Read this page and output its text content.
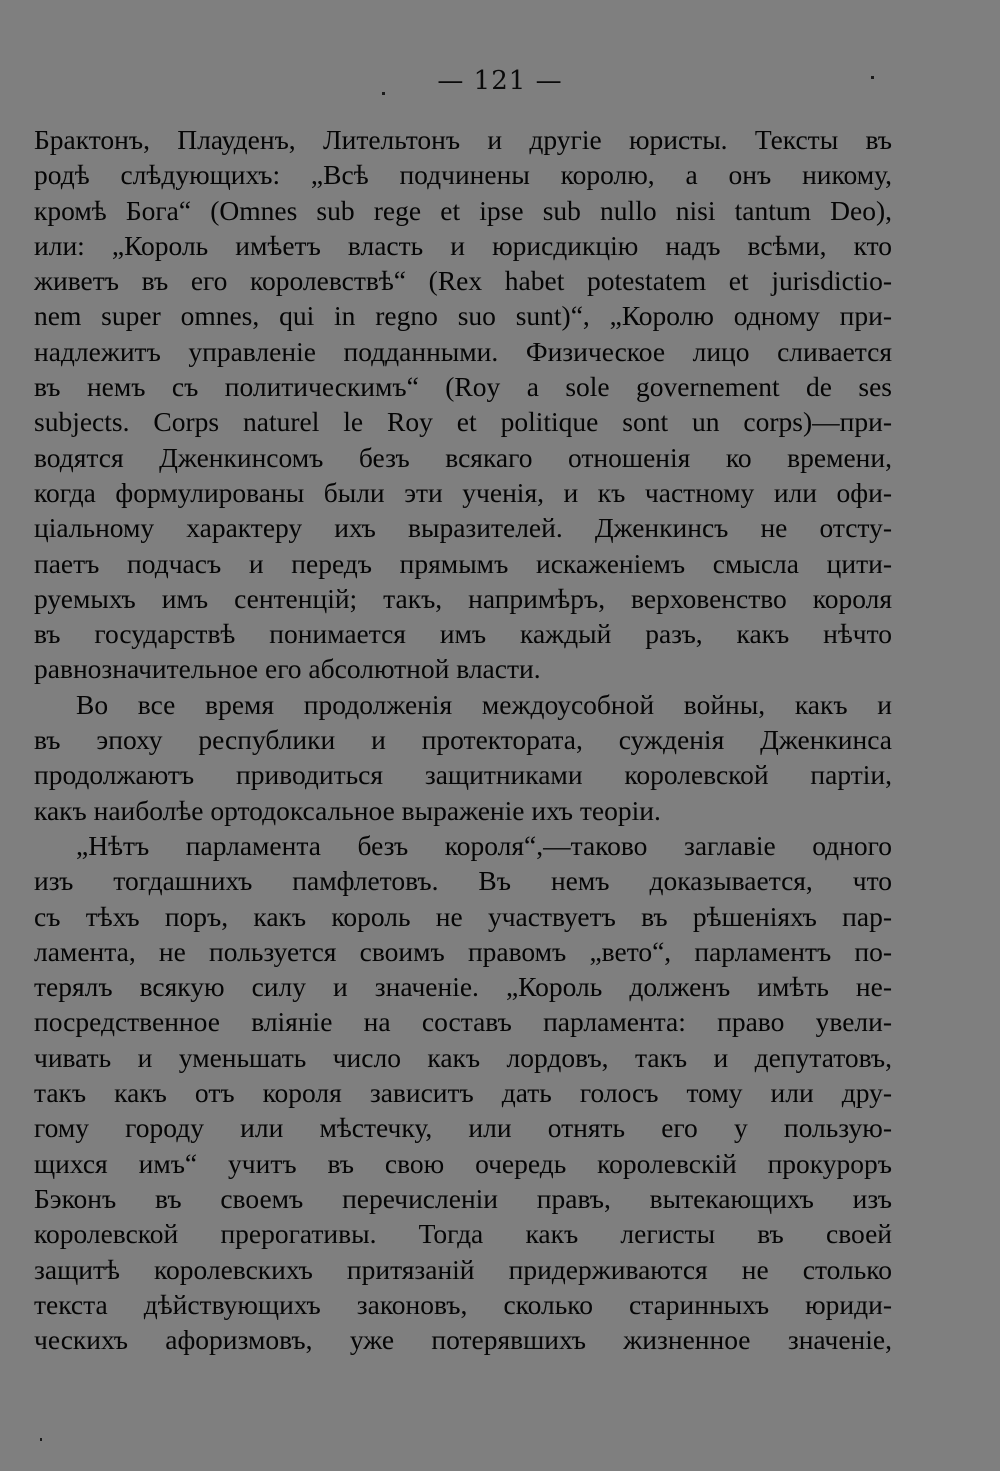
— 121 —
Брактонъ, Плауденъ, Лительтонъ и другіе юристы. Тексты въ
родѣ слѣдующихъ: „Всѣ подчинены королю, а онъ никому,
кромѣ Бога“ (Omnes sub rege et ipse sub nullo nisi tantum Deo),
или: „Король имѣетъ власть и юрисдикцію надъ всѣми, кто
живетъ въ его королевствѣ“ (Rex habet potestatem et jurisdictio-
nem super omnes, qui in regno suo sunt)“, „Королю одному при-
надлежитъ управленіе подданными. Физическое лицо сливается
въ немъ съ политическимъ“ (Roy a sole governement de ses
subjects. Corps naturel le Roy et politique sont un corps)—при-
водятся Дженкинсомъ безъ всякаго отношенія ко времени,
когда формулированы были эти ученія, и къ частному или офи-
ціальному характеру ихъ выразителей. Дженкинсъ не отсту-
паетъ подчасъ и передъ прямымъ искаженіемъ смысла цити-
руемыхъ имъ сентенцій; такъ, напримѣръ, верховенство короля
въ государствѣ понимается имъ каждый разъ, какъ нѣчто
равнозначительное его абсолютной власти.
Во все время продолженія междоусобной войны, какъ и
въ эпоху республики и протектората, сужденія Дженкинса
продолжаютъ приводиться защитниками королевской партіи,
какъ наиболѣе ортодоксальное выраженіе ихъ теоріи.
„Нѣтъ парламента безъ короля“,—таково заглавіе одного
изъ тогдашнихъ памфлетовъ. Въ немъ доказывается, что
съ тѣхъ поръ, какъ король не участвуетъ въ рѣшеніяхъ пар-
ламента, не пользуется своимъ правомъ „вето“, парламентъ по-
терялъ всякую силу и значеніе. „Король долженъ имѣть не-
посредственное вліяніе на составъ парламента: право увели-
чивать и уменьшать число какъ лордовъ, такъ и депутатовъ,
такъ какъ отъ короля зависитъ дать голосъ тому или дру-
гому городу или мѣстечку, или отнять его у пользую-
щихся имъ“ учитъ въ свою очередь королевскій прокуроръ
Бэконъ въ своемъ перечисленіи правъ, вытекающихъ изъ
королевской прерогативы. Тогда какъ легисты въ своей
защитѣ королевскихъ притязаній придерживаются не столько
текста дѣйствующихъ законовъ, сколько старинныхъ юриди-
ческихъ афоризмовъ, уже потерявшихъ жизненное значеніе,
